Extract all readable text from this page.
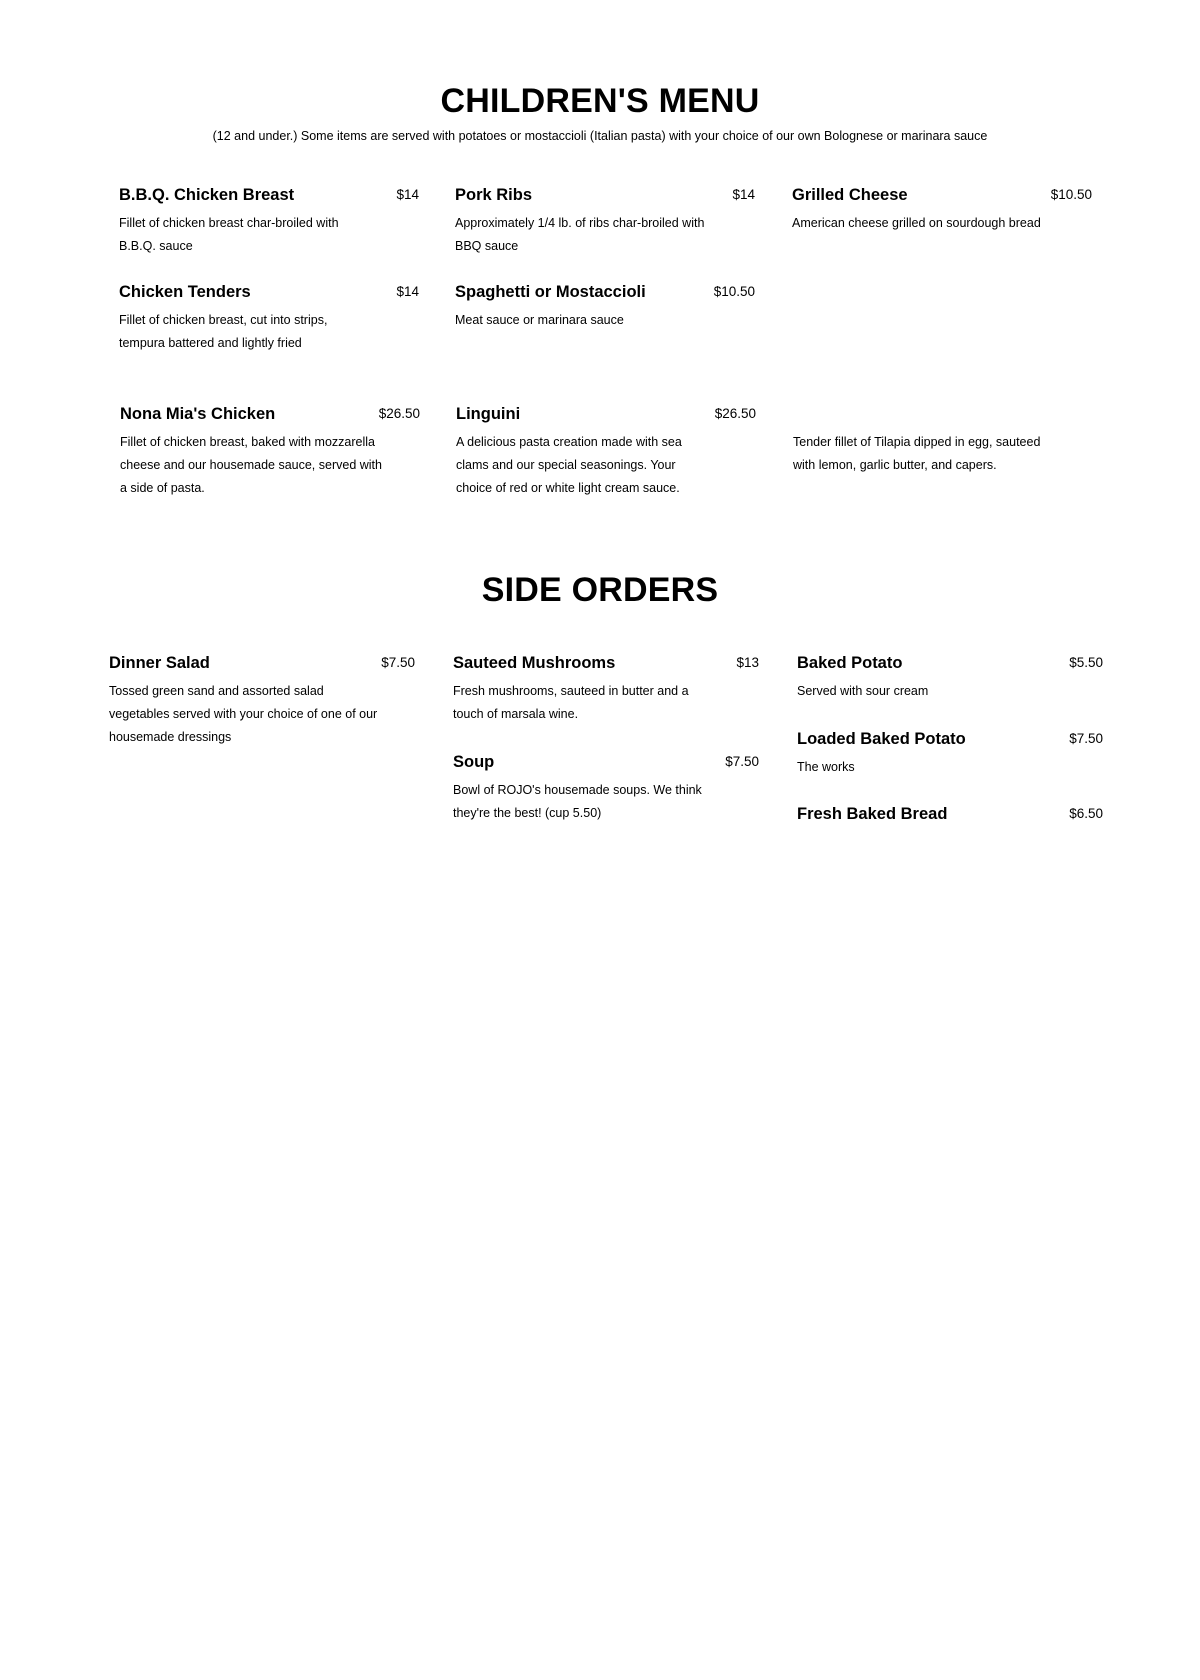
CHILDREN'S MENU

(12 and under.) Some items are served with potatoes or mostaccioli (Italian pasta) with your choice of our own Bolognese or marinara sauce

B.B.Q. Chicken Breast	$14
Fillet of chicken breast char-broiled with B.B.Q. sauce
Pork Ribs	$14
Approximately 1/4 lb. of ribs char-broiled with BBQ sauce
Grilled Cheese	$10.50
American cheese grilled on sourdough bread
Chicken Tenders	$14
Fillet of chicken breast, cut into strips, tempura battered and lightly fried
Spaghetti or Mostaccioli	$10.50
Meat sauce or marinara sauce
Nona Mia's Chicken	$26.50
Fillet of chicken breast, baked with mozzarella cheese and our housemade sauce, served with a side of pasta.
Linguini	$26.50
A delicious pasta creation made with sea clams and our special seasonings. Your choice of red or white light cream sauce.
Tender fillet of Tilapia dipped in egg, sauteed with lemon, garlic butter, and capers.
SIDE ORDERS
Dinner Salad	$7.50
Tossed green sand and assorted salad vegetables served with your choice of one of our housemade dressings
Sauteed Mushrooms	$13
Fresh mushrooms, sauteed in butter and a touch of marsala wine.
Baked Potato	$5.50
Served with sour cream
Soup	$7.50
Bowl of ROJO's housemade soups. We think they're the best! (cup 5.50)
Loaded Baked Potato	$7.50
The works
Fresh Baked Bread	$6.50
